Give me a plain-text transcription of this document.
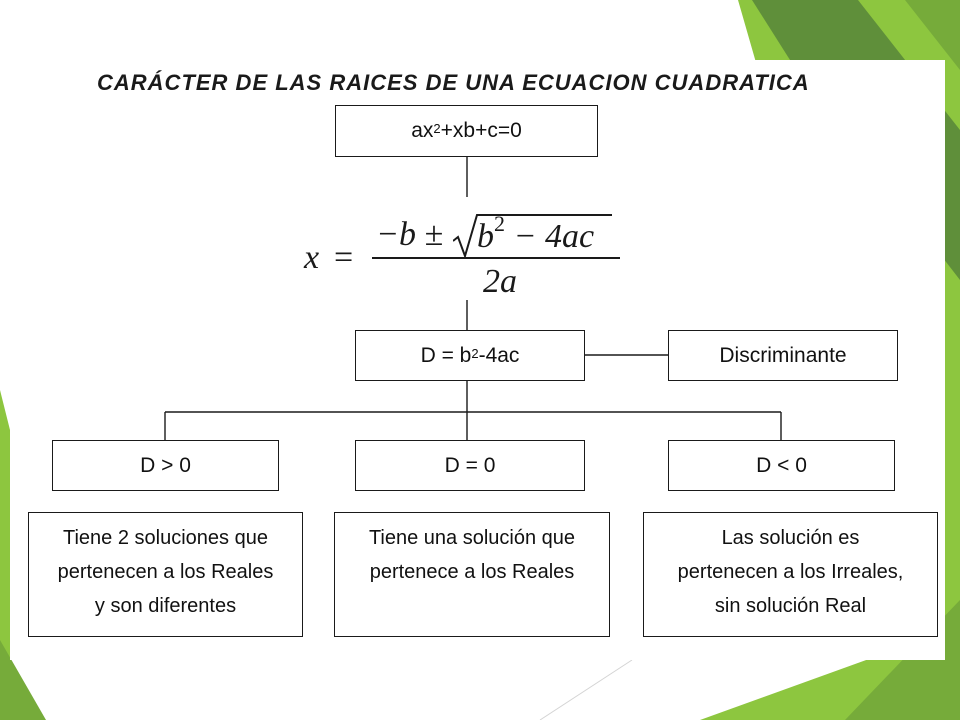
CARÁCTER DE LAS RAICES DE UNA ECUACION CUADRATICA
$ax^2 +xb+c=0$
x =
$-b \pm b^2 - 4ac$
2a
$D = b^2$ -4ac	Discriminante
D > 0	D = 0	D < 0
Tiene 2 soluciones que
pertenecen a los Reales
y son diferentes
Tiene una solución que
pertenece a los Reales
Las solución es
pertenecen a los Irreales,
sin solución Real
